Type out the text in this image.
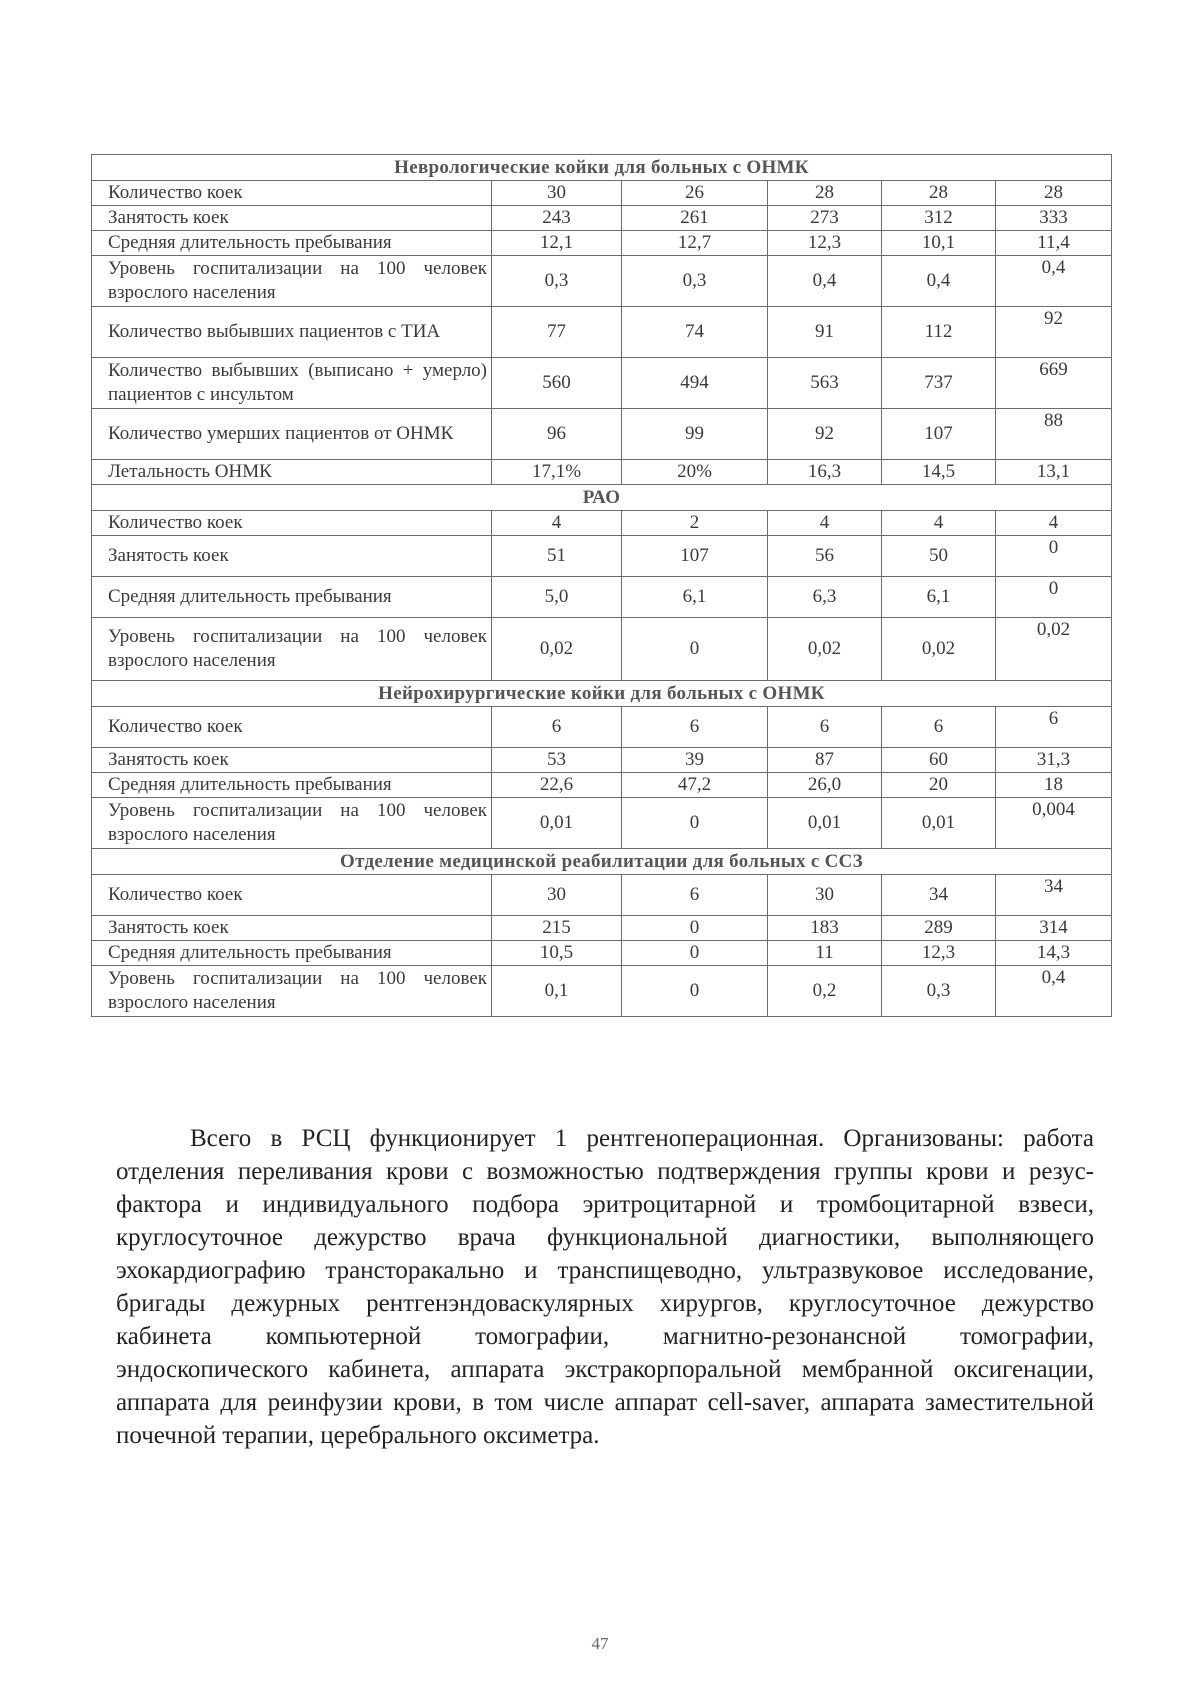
Неврологические койки для больных с ОНМК					
Количество коек	30	26	28	28	28
Занятость коек	243	261	273	312	333
Средняя длительность пребывания	12,1	12,7	12,3	10,1	11,4
Уровень госпитализации на 100 человек взрослого населения	0,3	0,3	0,4	0,4	0,4
Количество выбывших пациентов с ТИА	77	74	91	112	92
Количество выбывших (выписано + умерло) пациентов с инсультом	560	494	563	737	669
Количество умерших пациентов от ОНМК	96	99	92	107	88
Летальность ОНМК	17,1%	20%	16,3	14,5	13,1
РАО					
Количество коек	4	2	4	4	4
Занятость коек	51	107	56	50	0
Средняя длительность пребывания	5,0	6,1	6,3	6,1	0
Уровень госпитализации на 100 человек взрослого населения	0,02	0	0,02	0,02	0,02
Нейрохирургические койки для больных с ОНМК					
Количество коек	6	6	6	6	6
Занятость коек	53	39	87	60	31,3
Средняя длительность пребывания	22,6	47,2	26,0	20	18
Уровень госпитализации на 100 человек взрослого населения	0,01	0	0,01	0,01	0,004
Отделение медицинской реабилитации для больных с ССЗ					
Количество коек	30	6	30	34	34
Занятость коек	215	0	183	289	314
Средняя длительность пребывания	10,5	0	11	12,3	14,3
Уровень госпитализации на 100 человек взрослого населения	0,1	0	0,2	0,3	0,4
Всего в РСЦ функционирует 1 рентгеноперационная. Организованы: работа отделения переливания крови с возможностью подтверждения группы крови и резус-фактора и индивидуального подбора эритроцитарной и тромбоцитарной взвеси, круглосуточное дежурство врача функциональной диагностики, выполняющего эхокардиографию трансторакально и транспищеводно, ультразвуковое исследование, бригады дежурных рентгенэндоваскулярных хирургов, круглосуточное дежурство кабинета компьютерной томографии, магнитно-резонансной томографии, эндоскопического кабинета, аппарата экстракорпоральной мембранной оксигенации, аппарата для реинфузии крови, в том числе аппарат cell-saver, аппарата заместительной почечной терапии, церебрального оксиметра.
47
